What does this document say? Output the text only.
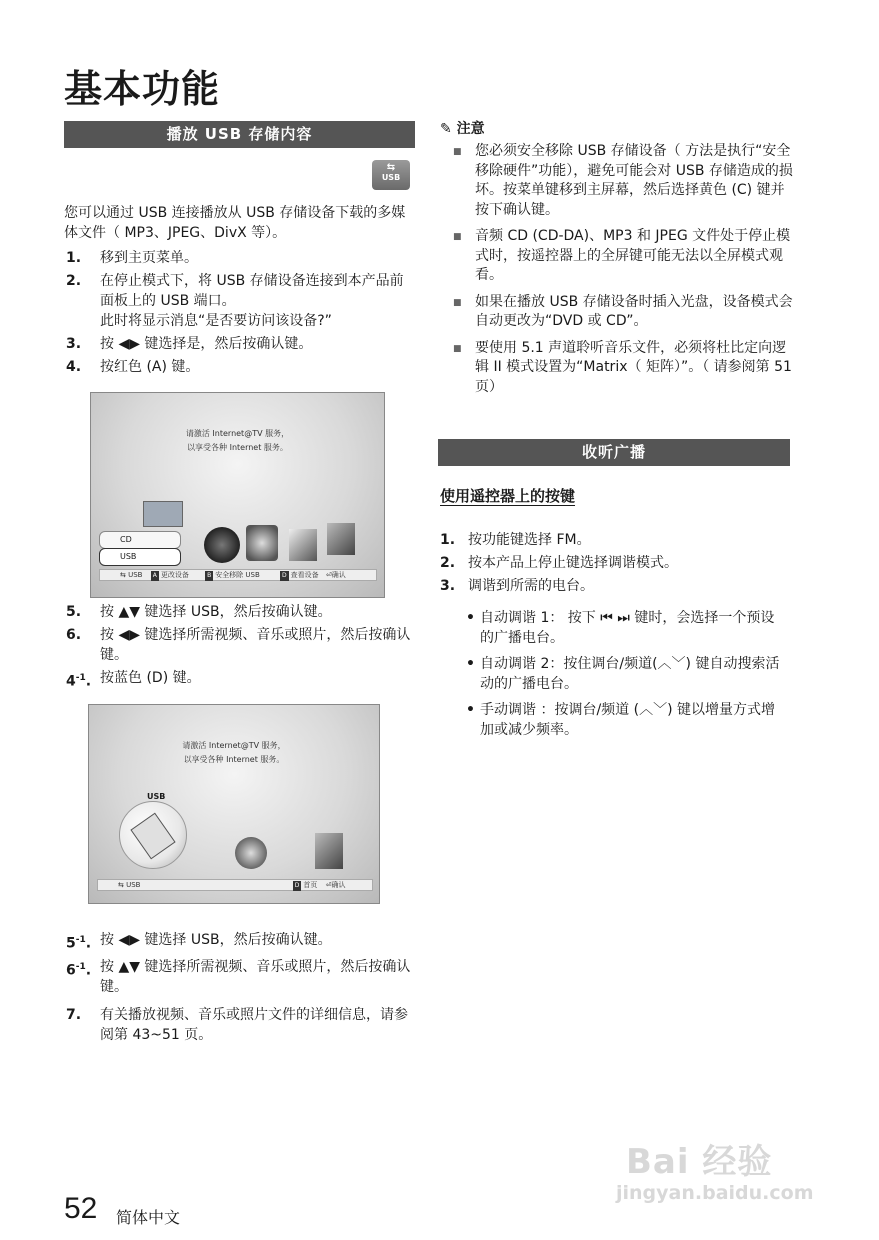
基本功能
播放 USB 存储内容
⇆
USB
您可以通过 USB 连接播放从 USB 存储设备下载的多媒体文件（ MP3、JPEG、DivX 等）。
1.	移到主页菜单。
2.	在停止模式下，将 USB 存储设备连接到本产品前面板上的 USB 端口。
此时将显示消息“是否要访问该设备?”
3.	按 ◀▶ 键选择是，然后按确认键。
4.	按红色 (A) 键。
请激活 Internet@TV 服务，
以享受各种 Internet 服务。
CD
USB
⇆ USB A 更改设备	B 安全移除 USB	D 查看设备 ⏎确认
5.	按 ▲▼ 键选择 USB，然后按确认键。
6.	按 ◀▶ 键选择所需视频、音乐或照片，然后按确认键。
$4^{-1}$. 按蓝色 (D) 键。
请激活 Internet@TV 服务，
以享受各种 Internet 服务。
USB
⇆ USB	D 首页 ⏎确认
$5^{-1}$. 按 ◀▶ 键选择 USB，然后按确认键。
$6^{-1}$. 按 ▲▼ 键选择所需视频、音乐或照片，然后按确认键。
7.	有关播放视频、音乐或照片文件的详细信息，请参阅第 43~51 页。
✎ 注意
■ 您必须安全移除 USB 存储设备（ 方法是执行“安全移除硬件”功能），避免可能会对 USB 存储造成的损坏。按菜单键移到主屏幕，然后选择黄色 (C) 键并按下确认键。
■ 音频 CD (CD-DA)、MP3 和 JPEG 文件处于停止模式时，按遥控器上的全屏键可能无法以全屏模式观看。
■ 如果在播放 USB 存储设备时插入光盘，设备模式会自动更改为“DVD 或 CD”。
■ 要使用 5.1 声道聆听音乐文件，必须将杜比定向逻辑 II 模式设置为“Matrix（ 矩阵）”。（ 请参阅第 51 页）
收听广播
使用遥控器上的按键
1. 按功能键选择 FM。
2. 按本产品上停止键选择调谐模式。
3. 调谐到所需的电台。
• 自动调谐 1： 按下 ⏮ ⏭ 键时，会选择一个预设的广播电台。
• 自动调谐 2：按住调台/频道(︿﹀) 键自动搜索活动的广播电台。
• 手动调谐 ：按调台/频道 (︿﹀) 键以增量方式增加或减少频率。
52 简体中文
Bai 经验
jingyan.baidu.com
